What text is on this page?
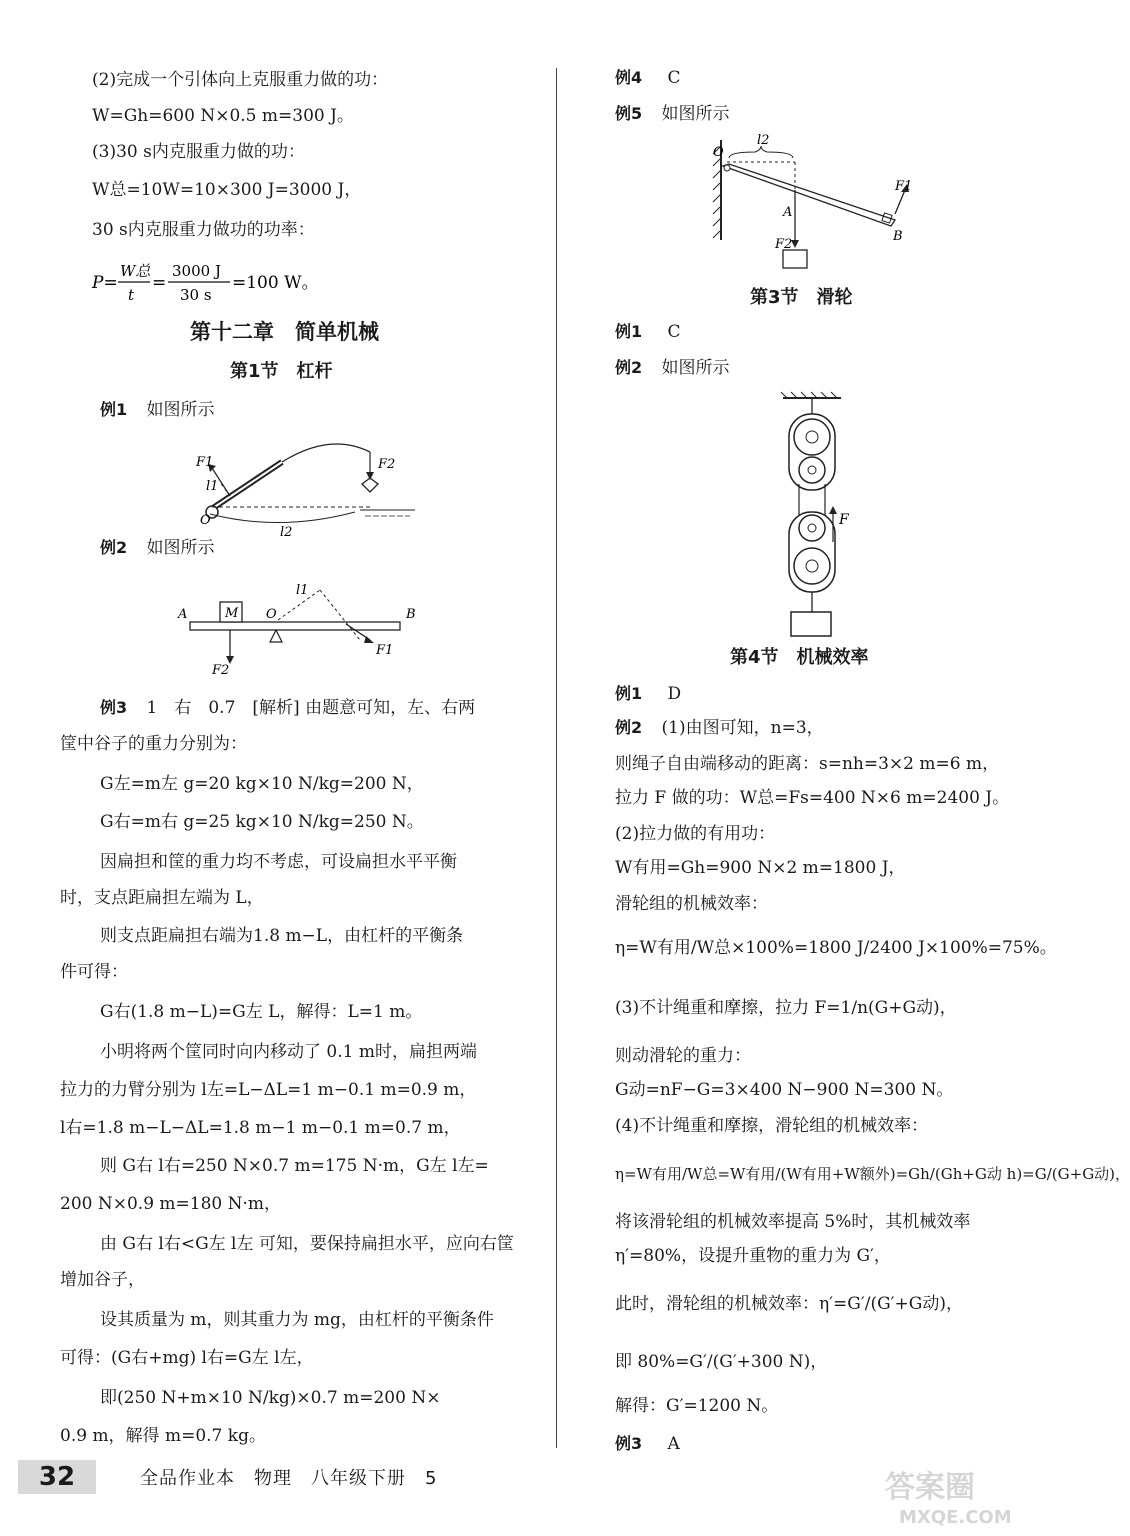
(2)完成一个引体向上克服重力做的功：
W=Gh=600 N×0.5 m=300 J。
(3)30 s内克服重力做的功：
W总=10W=10×300 J=3000 J，
30 s内克服重力做功的功率：
P=
W总
t
=
3000 J
30 s
=100 W。
第十二章　简单机械
第1节　杠杆
例1 如图所示
F1	F2
l1
O
l2
例2 如图所示
A	M O
l1
B
F1
F2
例3 1　右　0.7　[解析] 由题意可知，左、右两
筐中谷子的重力分别为：
G左=m左 g=20 kg×10 N/kg=200 N，
G右=m右 g=25 kg×10 N/kg=250 N。
因扁担和筐的重力均不考虑，可设扁担水平平衡
时，支点距扁担左端为 L，
则支点距扁担右端为1.8 m−L，由杠杆的平衡条
件可得：
G右(1.8 m−L)=G左 L，解得：L=1 m。
小明将两个筐同时向内移动了 0.1 m时，扁担两端
拉力的力臂分别为 l左=L−ΔL=1 m−0.1 m=0.9 m，
l右=1.8 m−L−ΔL=1.8 m−1 m−0.1 m=0.7 m，
则 G右 l右=250 N×0.7 m=175 N·m，G左 l左=
200 N×0.9 m=180 N·m，
由 G右 l右<G左 l左 可知，要保持扁担水平，应向右筐
增加谷子，
设其质量为 m，则其重力为 mg，由杠杆的平衡条件
可得：(G右+mg) l右=G左 l左，
即(250 N+m×10 N/kg)×0.7 m=200 N×
0.9 m，解得 m=0.7 kg。
例4 C
例5 如图所示
O
l2
A
B
F1
F2
第3节　滑轮
例1 C
例2 如图所示
F
第4节　机械效率
例1 D
例2 (1)由图可知，n=3，
则绳子自由端移动的距离：s=nh=3×2 m=6 m，
拉力 F 做的功：W总=Fs=400 N×6 m=2400 J。
(2)拉力做的有用功：
W有用=Gh=900 N×2 m=1800 J，
滑轮组的机械效率：
η=W有用/W总×100%=1800 J/2400 J×100%=75%。
(3)不计绳重和摩擦，拉力 F=1/n(G+G动)，
则动滑轮的重力：
G动=nF−G=3×400 N−900 N=300 N。
(4)不计绳重和摩擦，滑轮组的机械效率：
η=W有用/W总=W有用/(W有用+W额外)=Gh/(Gh+G动 h)=G/(G+G动)，
将该滑轮组的机械效率提高 5%时，其机械效率
η′=80%，设提升重物的重力为 G′，
此时，滑轮组的机械效率：η′=G′/(G′+G动)，
即 80%=G′/(G′+300 N)，
解得：G′=1200 N。
例3 A
32	全品作业本　物理　八年级下册　5	答案圈
MXQE.COM
